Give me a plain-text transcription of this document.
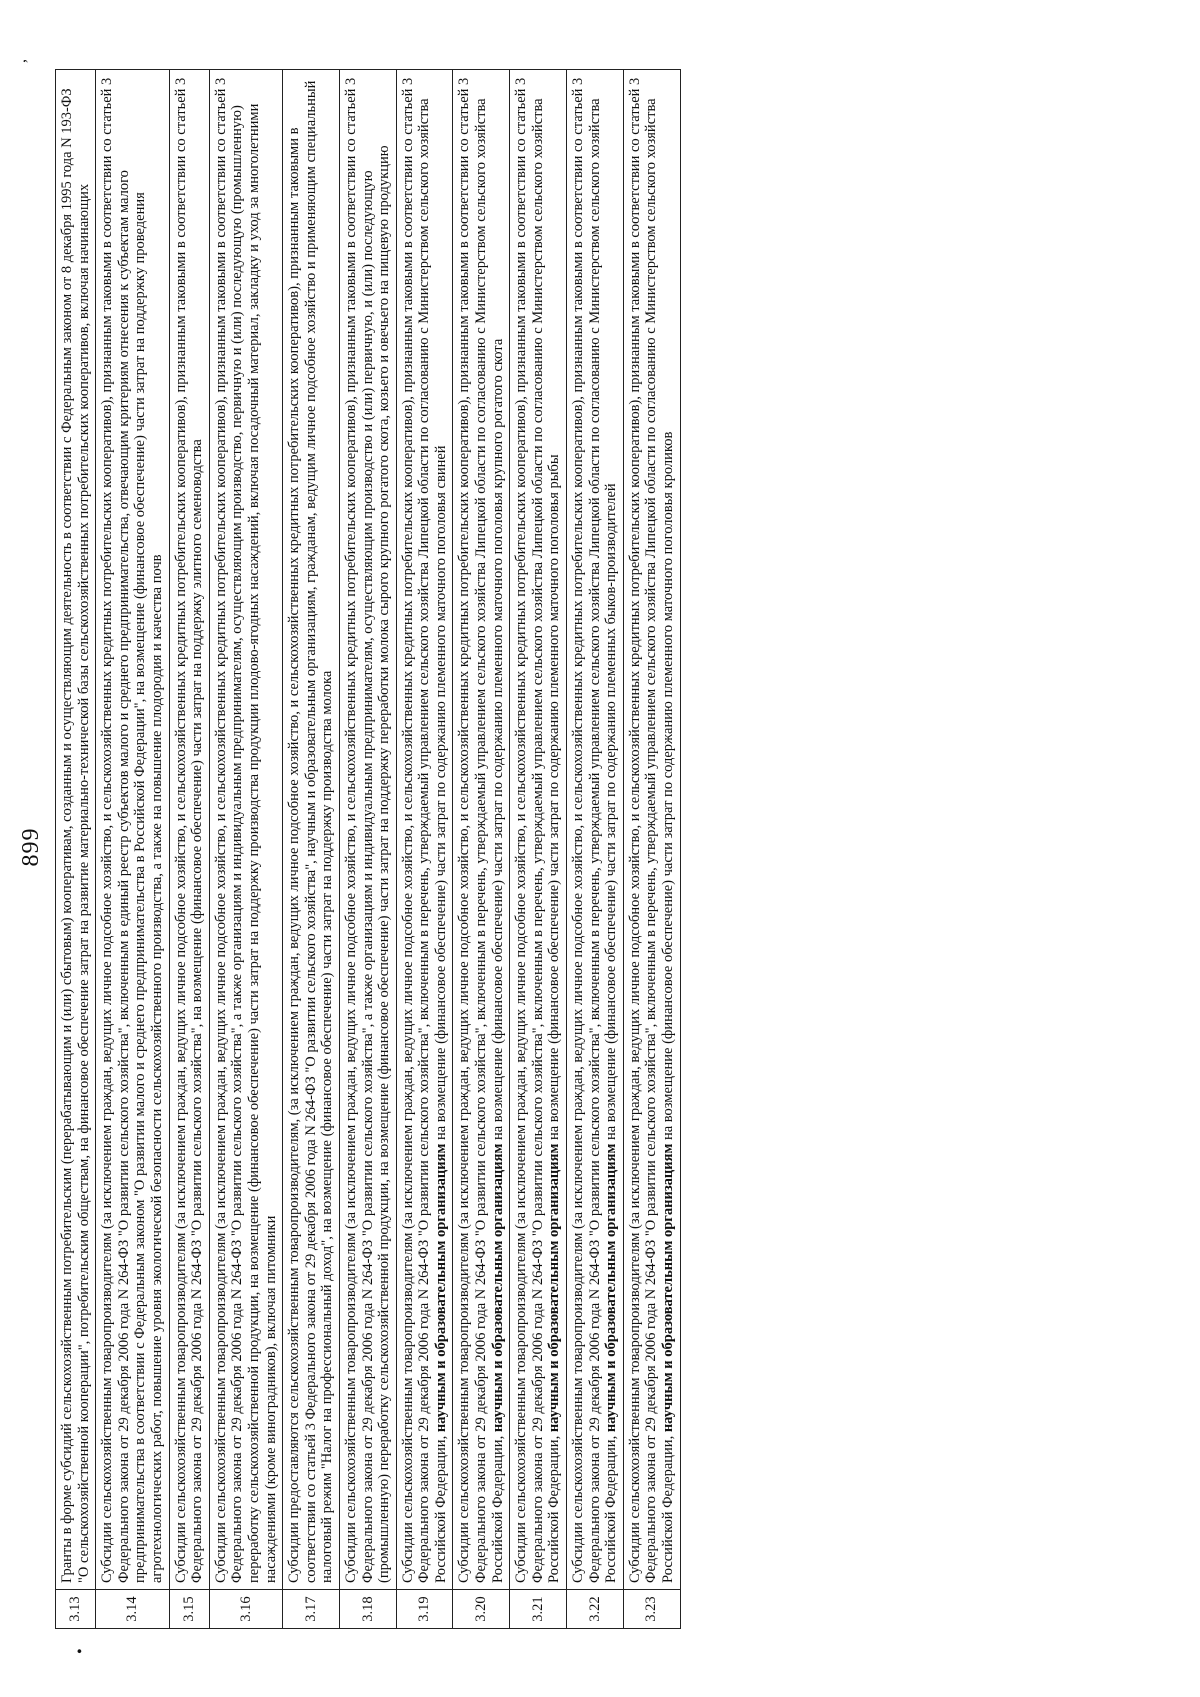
899
•
,
3.13	Гранты в форме субсидий сельскохозяйственным потребительским (перерабатывающим и (или) сбытовым) кооперативам, созданным и осуществляющим деятельность в соответствии с Федеральным законом от 8 декабря 1995 года N 193-ФЗ "О сельскохозяйственной кооперации", потребительским обществам, на финансовое обеспечение затрат на развитие материально-технической базы сельскохозяйственных потребительских кооперативов, включая начинающих
3.14	Субсидии сельскохозяйственным товаропроизводителям (за исключением граждан, ведущих личное подсобное хозяйство, и сельскохозяйственных кредитных потребительских кооперативов), признанным таковыми в соответствии со статьей 3 Федерального закона от 29 декабря 2006 года N 264-ФЗ "О развитии сельского хозяйства", включенным в единый реестр субъектов малого и среднего предпринимательства, отвечающим критериям отнесения к субъектам малого предпринимательства в соответствии с Федеральным законом "О развитии малого и среднего предпринимательства в Российской Федерации", на возмещение (финансовое обеспечение) части затрат на поддержку проведения агротехнологических работ, повышение уровня экологической безопасности сельскохозяйственного производства, а также на повышение плодородия и качества почв
3.15	Субсидии сельскохозяйственным товаропроизводителям (за исключением граждан, ведущих личное подсобное хозяйство, и сельскохозяйственных кредитных потребительских кооперативов), признанным таковыми в соответствии со статьей 3 Федерального закона от 29 декабря 2006 года N 264-ФЗ "О развитии сельского хозяйства", на возмещение (финансовое обеспечение) части затрат на поддержку элитного семеноводства
3.16	Субсидии сельскохозяйственным товаропроизводителям (за исключением граждан, ведущих личное подсобное хозяйство, и сельскохозяйственных кредитных потребительских кооперативов), признанным таковыми в соответствии со статьей 3 Федерального закона от 29 декабря 2006 года N 264-ФЗ "О развитии сельского хозяйства", а также организациям и индивидуальным предпринимателям, осуществляющим производство, первичную и (или) последующую (промышленную) переработку сельскохозяйственной продукции, на возмещение (финансовое обеспечение) части затрат на поддержку производства продукции плодово-ягодных насаждений, включая посадочный материал, закладку и уход за многолетними насаждениями (кроме виноградников), включая питомники
3.17	Субсидии предоставляются сельскохозяйственным товаропроизводителям, (за исключением граждан, ведущих личное подсобное хозяйство, и сельскохозяйственных кредитных потребительских кооперативов), признанным таковыми в соответствии со статьей 3 Федерального закона от 29 декабря 2006 года N 264-ФЗ "О развитии сельского хозяйства", научным и образовательным организациям, гражданам, ведущим личное подсобное хозяйство и применяющим специальный налоговый режим "Налог на профессиональный доход", на возмещение (финансовое обеспечение) части затрат на поддержку производства молока
3.18	Субсидии сельскохозяйственным товаропроизводителям (за исключением граждан, ведущих личное подсобное хозяйство, и сельскохозяйственных кредитных потребительских кооперативов), признанным таковыми в соответствии со статьей 3 Федерального закона от 29 декабря 2006 года N 264-ФЗ "О развитии сельского хозяйства", а также организациям и индивидуальным предпринимателям, осуществляющим производство и (или) первичную, и (или) последующую (промышленную) переработку сельскохозяйственной продукции, на возмещение (финансовое обеспечение) части затрат на поддержку переработки молока сырого крупного рогатого скота, козьего и овечьего на пищевую продукцию
3.19	Субсидии сельскохозяйственным товаропроизводителям (за исключением граждан, ведущих личное подсобное хозяйство, и сельскохозяйственных кредитных потребительских кооперативов), признанным таковыми в соответствии со статьей 3 Федерального закона от 29 декабря 2006 года N 264-ФЗ "О развитии сельского хозяйства", включенным в перечень, утверждаемый управлением сельского хозяйства Липецкой области по согласованию с Министерством сельского хозяйства Российской Федерации, научным и образовательным организациям на возмещение (финансовое обеспечение) части затрат по содержанию племенного маточного поголовья свиней
3.20	Субсидии сельскохозяйственным товаропроизводителям (за исключением граждан, ведущих личное подсобное хозяйство, и сельскохозяйственных кредитных потребительских кооперативов), признанным таковыми в соответствии со статьей 3 Федерального закона от 29 декабря 2006 года N 264-ФЗ "О развитии сельского хозяйства", включенным в перечень, утверждаемый управлением сельского хозяйства Липецкой области по согласованию с Министерством сельского хозяйства Российской Федерации, научным и образовательным организациям на возмещение (финансовое обеспечение) части затрат по содержанию племенного маточного поголовья крупного рогатого скота
3.21	Субсидии сельскохозяйственным товаропроизводителям (за исключением граждан, ведущих личное подсобное хозяйство, и сельскохозяйственных кредитных потребительских кооперативов), признанным таковыми в соответствии со статьей 3 Федерального закона от 29 декабря 2006 года N 264-ФЗ "О развитии сельского хозяйства", включенным в перечень, утверждаемый управлением сельского хозяйства Липецкой области по согласованию с Министерством сельского хозяйства Российской Федерации, научным и образовательным организациям на возмещение (финансовое обеспечение) части затрат по содержанию племенного маточного поголовья рыбы
3.22	Субсидии сельскохозяйственным товаропроизводителям (за исключением граждан, ведущих личное подсобное хозяйство, и сельскохозяйственных кредитных потребительских кооперативов), признанным таковыми в соответствии со статьей 3 Федерального закона от 29 декабря 2006 года N 264-ФЗ "О развитии сельского хозяйства", включенным в перечень, утверждаемый управлением сельского хозяйства Липецкой области по согласованию с Министерством сельского хозяйства Российской Федерации, научным и образовательным организациям на возмещение (финансовое обеспечение) части затрат по содержанию племенных быков-производителей
3.23	Субсидии сельскохозяйственным товаропроизводителям (за исключением граждан, ведущих личное подсобное хозяйство, и сельскохозяйственных кредитных потребительских кооперативов), признанным таковыми в соответствии со статьей 3 Федерального закона от 29 декабря 2006 года N 264-ФЗ "О развитии сельского хозяйства", включенным в перечень, утверждаемый управлением сельского хозяйства Липецкой области по согласованию с Министерством сельского хозяйства Российской Федерации, научным и образовательным организациям на возмещение (финансовое обеспечение) части затрат по содержанию племенного маточного поголовья кроликов
